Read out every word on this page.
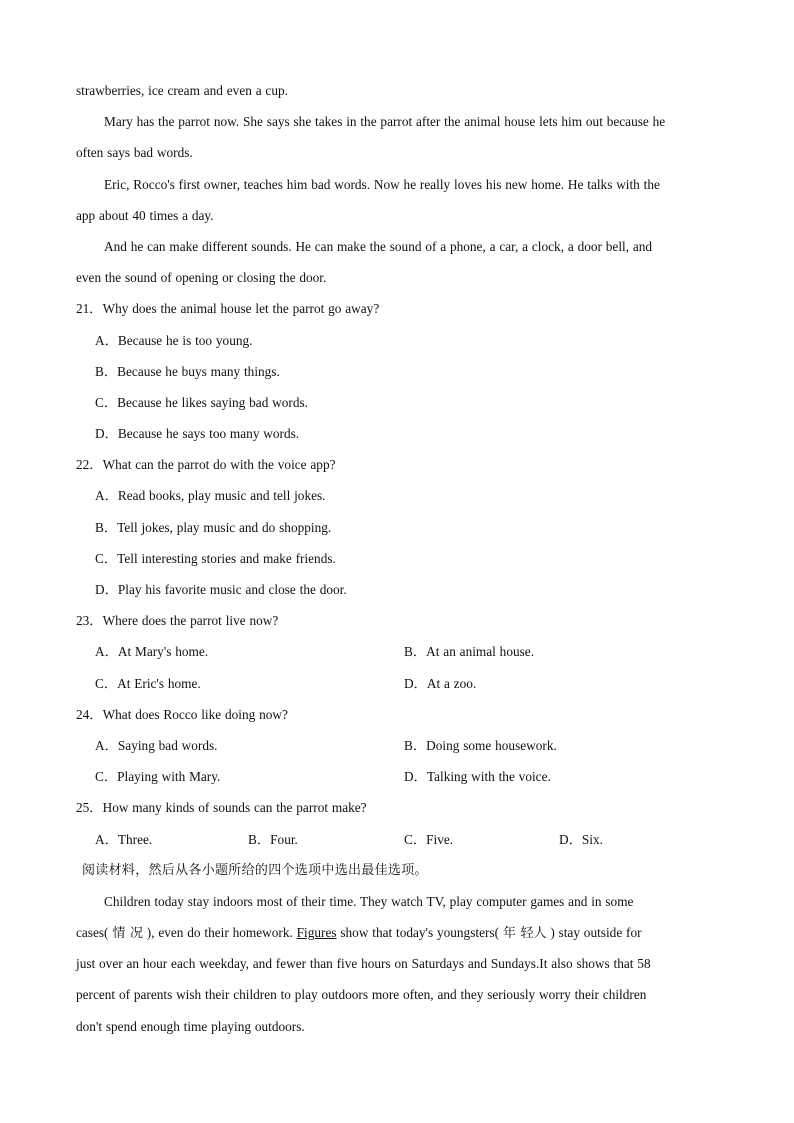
strawberries, ice cream and even a cup.
Mary has the parrot now. She says she takes in the parrot after the animal house lets him out because he
often says bad words.
Eric, Rocco's first owner, teaches him bad words. Now he really loves his new home. He talks with the
app about 40 times a day.
And he can make different sounds. He can make the sound of a phone, a car, a clock, a door bell, and
even the sound of opening or closing the door.
21．Why does the animal house let the parrot go away?
A．Because he is too young.
B．Because he buys many things.
C．Because he likes saying bad words.
D．Because he says too many words.
22．What can the parrot do with the voice app?
A．Read books, play music and tell jokes.
B．Tell jokes, play music and do shopping.
C．Tell interesting stories and make friends.
D．Play his favorite music and close the door.
23．Where does the parrot live now?
A．At Mary's home.	B．At an animal house.
C．At Eric's home.	D．At a zoo.
24．What does Rocco like doing now?
A．Saying bad words.	B．Doing some housework.
C．Playing with Mary.	D．Talking with the voice.
25．How many kinds of sounds can the parrot make?
A．Three.	B．Four.	C．Five.	D．Six.
阅读材料，然后从各小题所给的四个选项中选出最佳选项。
Children today stay indoors most of their time. They watch TV, play computer games and in some
cases( 情 况 ), even do their homework. Figures show that today's youngsters( 年 轻人 ) stay outside for
just over an hour each weekday, and fewer than five hours on Saturdays and Sundays.It also shows that 58
percent of parents wish their children to play outdoors more often, and they seriously worry their children
don't spend enough time playing outdoors.
